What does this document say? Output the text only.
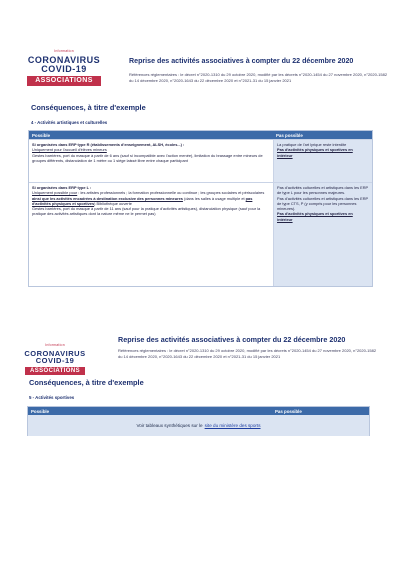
Information
CORONAVIRUS
COVID-19
ASSOCIATIONS
Reprise des activités associatives à compter du 22 décembre 2020
Références réglementaires : le décret n°2020-1310 du 29 octobre 2020, modifié par les décrets n°2020-1454 du 27 novembre 2020, n°2020-1582 du 14 décembre 2020, n°2020-1643 du 22 décembre 2020 et n°2021-31 du 15 janvier 2021
Conséquences, à titre d'exemple
4 - Activités artistiques et culturelles
Possible	Pas possible

Si organisées dans ERP type R (établissements d'enseignement, ALSH, écoles...) :

Uniquement pour l'accueil d'élèves mineurs

Gestes barrières, port du masque à partir de 6 ans (sauf si incompatible avec l'action menée), limitation du brassage entre mineurs de groupes différents, distanciation de 1 mètre ou 1 siège laissé libre entre chaque participant

La pratique de l'art lyrique reste interdite

Pas d'activités physiques et sportives en intérieur

Si organisées dans ERP type L :

Uniquement possible pour : les artistes professionnels ; la formation professionnelle ou continue ; les groupes scolaires et périscolaires ainsi que les activités encadrées à destination exclusive des personnes mineures (dans les salles à usage multiple et pas d'activités physiques et sportives) Bibliothèque ouverte

Gestes barrières, port du masque à partir de 11 ans (sauf pour la pratique d'activités artistiques), distanciation physique (sauf pour la pratique des activités artistiques dont la nature même ne le permet pas)

Pas d'activités culturelles et artistiques dans les ERP de type L pour les personnes majeures.

Pas d'activités culturelles et artistiques dans les ERP de type CTS, P (y compris pour les personnes mineures).

Pas d'activités physiques et sportives en intérieur

Information
CORONAVIRUS
COVID-19
ASSOCIATIONS
Reprise des activités associatives à compter du 22 décembre 2020
Références réglementaires : le décret n°2020-1310 du 29 octobre 2020, modifié par les décrets n°2020-1454 du 27 novembre 2020, n°2020-1582 du 14 décembre 2020, n°2020-1643 du 22 décembre 2020 et n°2021-31 du 15 janvier 2021
Conséquences, à titre d'exemple
5 - Activités sportives
Possible	Pas possible
Voir tableaux synthétiques sur le site du ministère des sports
